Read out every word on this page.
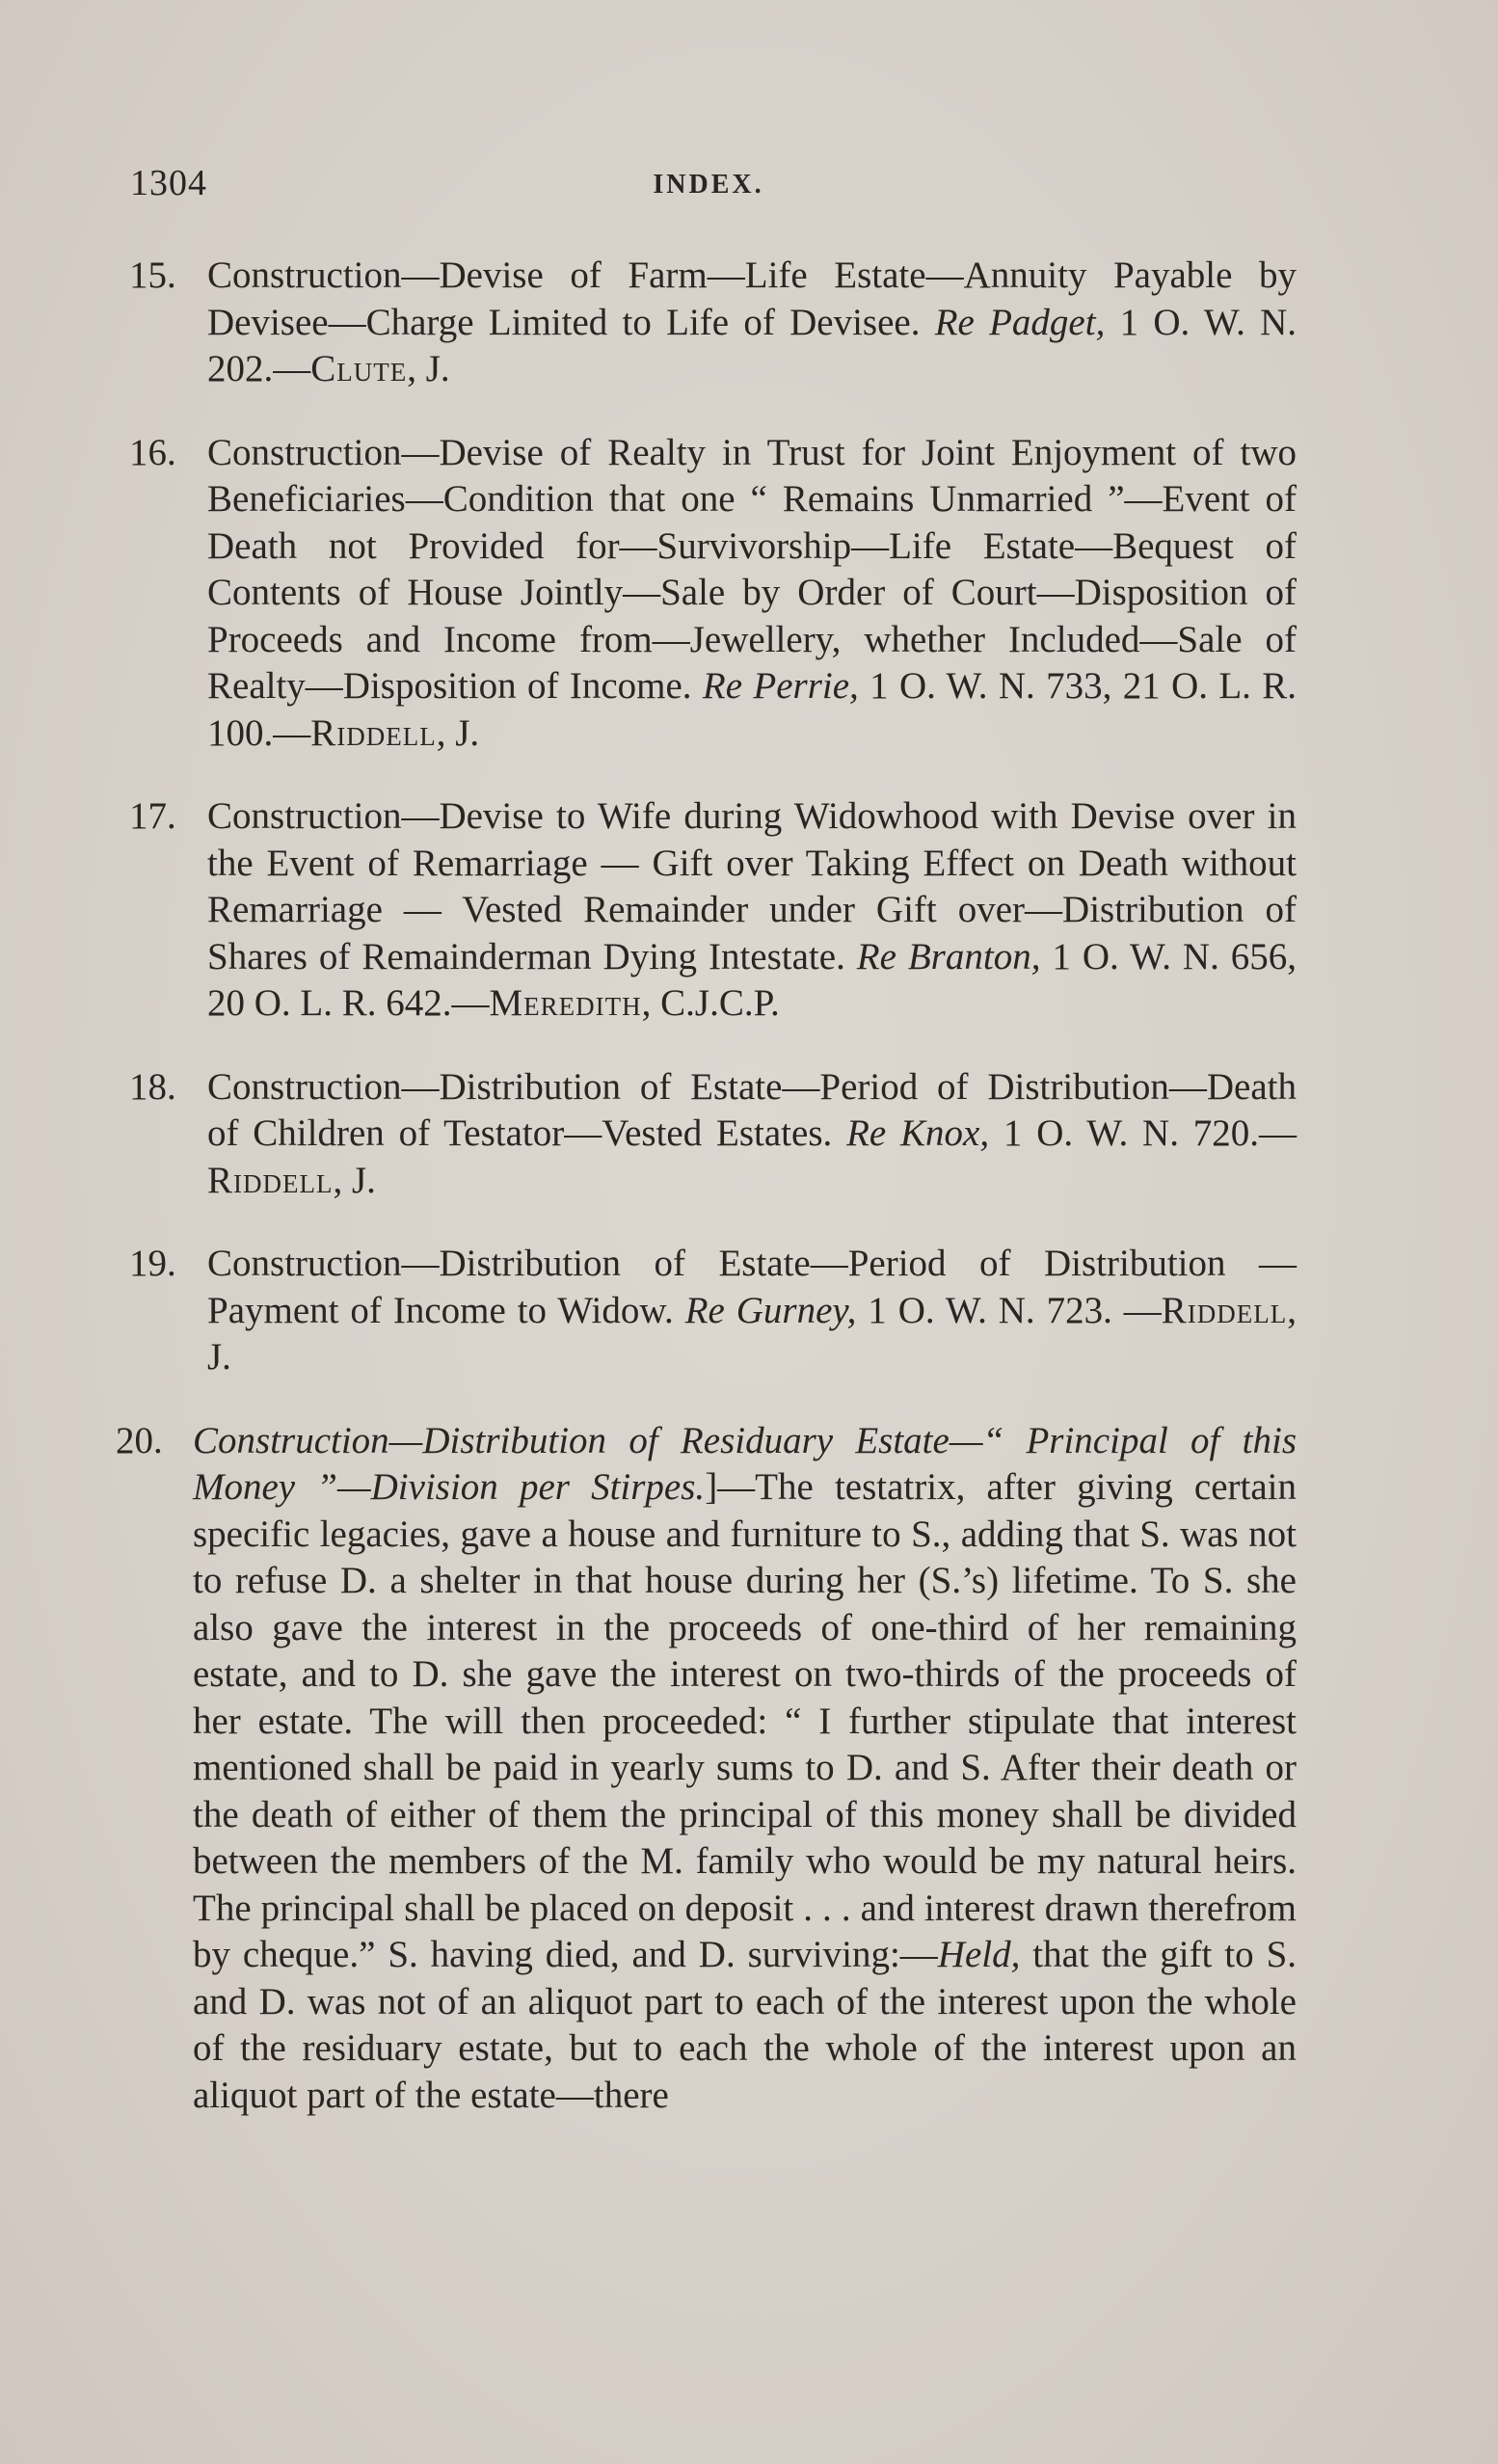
1304	INDEX.
15. Construction—Devise of Farm—Life Estate—Annuity Payable by Devisee—Charge Limited to Life of Devisee. Re Padget, 1 O. W. N. 202.—Clute, J.
16. Construction—Devise of Realty in Trust for Joint Enjoyment of two Beneficiaries—Condition that one “ Remains Unmarried ”—Event of Death not Provided for—Survivorship—Life Estate—Bequest of Contents of House Jointly—Sale by Order of Court—Disposition of Proceeds and Income from—Jewellery, whether Included—Sale of Realty—Disposition of Income. Re Perrie, 1 O. W. N. 733, 21 O. L. R. 100.—Riddell, J.
17. Construction—Devise to Wife during Widowhood with Devise over in the Event of Remarriage — Gift over Taking Effect on Death without Remarriage — Vested Remainder under Gift over—Distribution of Shares of Remainderman Dying Intestate. Re Branton, 1 O. W. N. 656, 20 O. L. R. 642.—Meredith, C.J.C.P.
18. Construction—Distribution of Estate—Period of Distribution—Death of Children of Testator—Vested Estates. Re Knox, 1 O. W. N. 720.—Riddell, J.
19. Construction—Distribution of Estate—Period of Distribution —Payment of Income to Widow. Re Gurney, 1 O. W. N. 723. —Riddell, J.
20. Construction—Distribution of Residuary Estate—“ Principal of this Money ”—Division per Stirpes.]—The testatrix, after giving certain specific legacies, gave a house and furniture to S., adding that S. was not to refuse D. a shelter in that house during her (S.’s) lifetime. To S. she also gave the interest in the proceeds of one-third of her remaining estate, and to D. she gave the interest on two-thirds of the proceeds of her estate. The will then proceeded: “ I further stipulate that interest mentioned shall be paid in yearly sums to D. and S. After their death or the death of either of them the principal of this money shall be divided between the members of the M. family who would be my natural heirs. The principal shall be placed on deposit . . . and interest drawn therefrom by cheque.” S. having died, and D. surviving:—Held, that the gift to S. and D. was not of an aliquot part to each of the interest upon the whole of the residuary estate, but to each the whole of the interest upon an aliquot part of the estate—there
